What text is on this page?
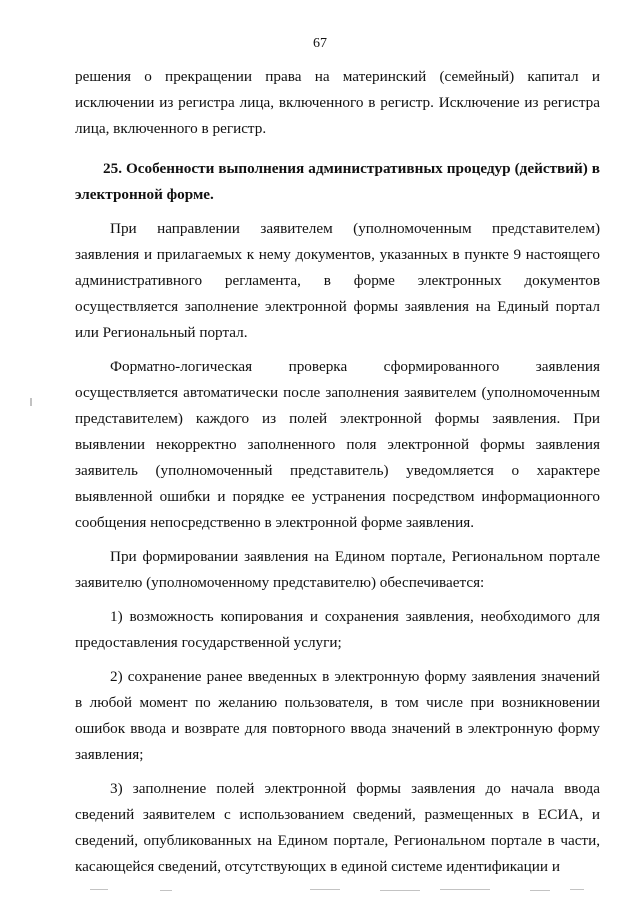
67

решения о прекращении права на материнский (семейный) капитал и исключении из регистра лица, включенного в регистр. Исключение из регистра лица, включенного в регистр.

25. Особенности выполнения административных процедур (действий) в электронной форме.

При направлении заявителем (уполномоченным представителем) заявления и прилагаемых к нему документов, указанных в пункте 9 настоящего административного регламента, в форме электронных документов осуществляется заполнение электронной формы заявления на Единый портал или Региональный портал.

Форматно-логическая проверка сформированного заявления осуществляется автоматически после заполнения заявителем (уполномоченным представителем) каждого из полей электронной формы заявления. При выявлении некорректно заполненного поля электронной формы заявления заявитель (уполномоченный представитель) уведомляется о характере выявленной ошибки и порядке ее устранения посредством информационного сообщения непосредственно в электронной форме заявления.

При формировании заявления на Едином портале, Региональном портале заявителю (уполномоченному представителю) обеспечивается:

1) возможность копирования и сохранения заявления, необходимого для предоставления государственной услуги;

2) сохранение ранее введенных в электронную форму заявления значений в любой момент по желанию пользователя, в том числе при возникновении ошибок ввода и возврате для повторного ввода значений в электронную форму заявления;

3) заполнение полей электронной формы заявления до начала ввода сведений заявителем с использованием сведений, размещенных в ЕСИА, и сведений, опубликованных на Едином портале, Региональном портале в части, касающейся сведений, отсутствующих в единой системе идентификации и
